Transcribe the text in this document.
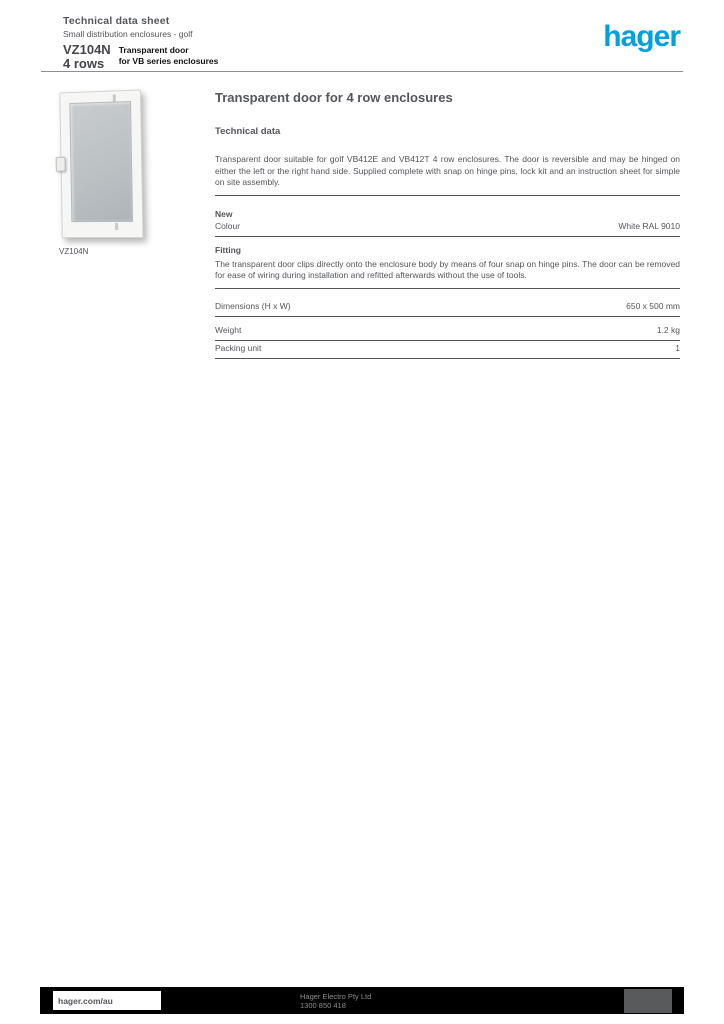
Technical data sheet
Small distribution enclosures - golf
VZ104N
4 rows
Transparent door
for VB series enclosures
hager
VZ104N
Transparent door for 4 row enclosures
Technical data
Transparent door suitable for golf VB412E and VB412T 4 row enclosures. The door is reversible and may be hinged on either the left or the right hand side. Supplied complete with snap on hinge pins, lock kit and an instruction sheet for simple on site assembly.
New
Colour	White RAL 9010
Fitting
The transparent door clips directly onto the enclosure body by means of four snap on hinge pins. The door can be removed for ease of wiring during installation and refitted afterwards without the use of tools.
Dimensions (H x W)	650 x 500 mm
Weight	1.2 kg
Packing unit	1
hager.com/au	Hager Electro Pty Ltd
1300 850 418
